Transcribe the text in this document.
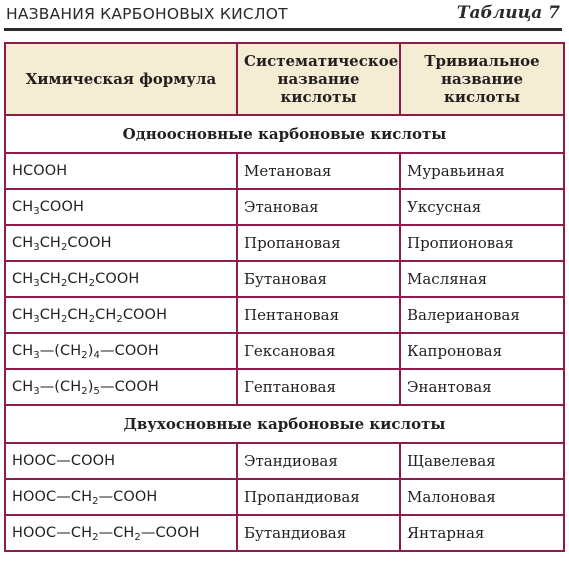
НАЗВАНИЯ КАРБОНОВЫХ КИСЛОТ	Таблица 7
Химическая формула	Систематическое название кислоты	Тривиальное название кислоты
Одноосновные карбоновые кислоты		
HCOOH	Метановая	Муравьиная
$CH_3COOH$	Этановая	Уксусная
$CH_3CH_2COOH$	Пропановая	Пропионовая
$CH_3CH_2CH_2COOH$	Бутановая	Масляная
$CH_3CH_2CH_2CH_2COOH$	Пентановая	Валериановая
$CH_3—(CH_2)_4—COOH$	Гексановая	Капроновая
$CH_3—(CH_2)_5—COOH$	Гептановая	Энантовая
Двухосновные карбоновые кислоты		
HOOC—COOH	Этандиовая	Щавелевая
$HOOC—CH_2—COOH$	Пропандиовая	Малоновая
$HOOC—CH_2—CH_2—COOH$	Бутандиовая	Янтарная
